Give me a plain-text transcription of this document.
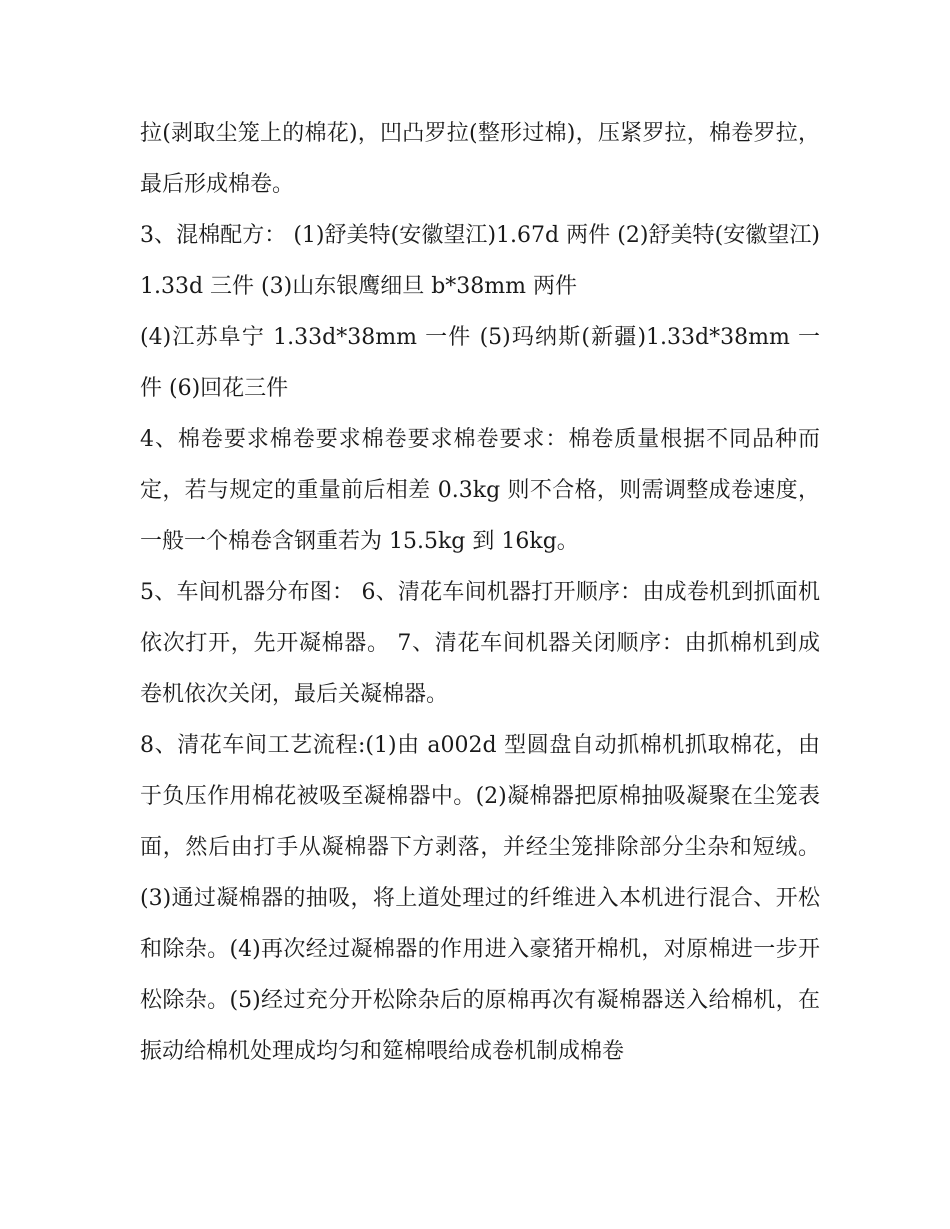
拉(剥取尘笼上的棉花)，凹凸罗拉(整形过棉)，压紧罗拉，棉卷罗拉，最后形成棉卷。

3、混棉配方： (1)舒美特(安徽望江)1.67d 两件 (2)舒美特(安徽望江)1.33d 三件 (3)山东银鹰细旦 b*38mm 两件

(4)江苏阜宁 1.33d*38mm 一件 (5)玛纳斯(新疆)1.33d*38mm 一件 (6)回花三件

4、棉卷要求棉卷要求棉卷要求棉卷要求：棉卷质量根据不同品种而定，若与规定的重量前后相差 0.3kg 则不合格，则需调整成卷速度，一般一个棉卷含钢重若为 15.5kg 到 16kg。

5、车间机器分布图： 6、清花车间机器打开顺序：由成卷机到抓面机依次打开，先开凝棉器。 7、清花车间机器关闭顺序：由抓棉机到成卷机依次关闭，最后关凝棉器。

8、清花车间工艺流程:(1)由 a002d 型圆盘自动抓棉机抓取棉花，由于负压作用棉花被吸至凝棉器中。(2)凝棉器把原棉抽吸凝聚在尘笼表面，然后由打手从凝棉器下方剥落，并经尘笼排除部分尘杂和短绒。(3)通过凝棉器的抽吸，将上道处理过的纤维进入本机进行混合、开松和除杂。(4)再次经过凝棉器的作用进入豪猪开棉机，对原棉进一步开松除杂。(5)经过充分开松除杂后的原棉再次有凝棉器送入给棉机，在振动给棉机处理成均匀和筵棉喂给成卷机制成棉卷
